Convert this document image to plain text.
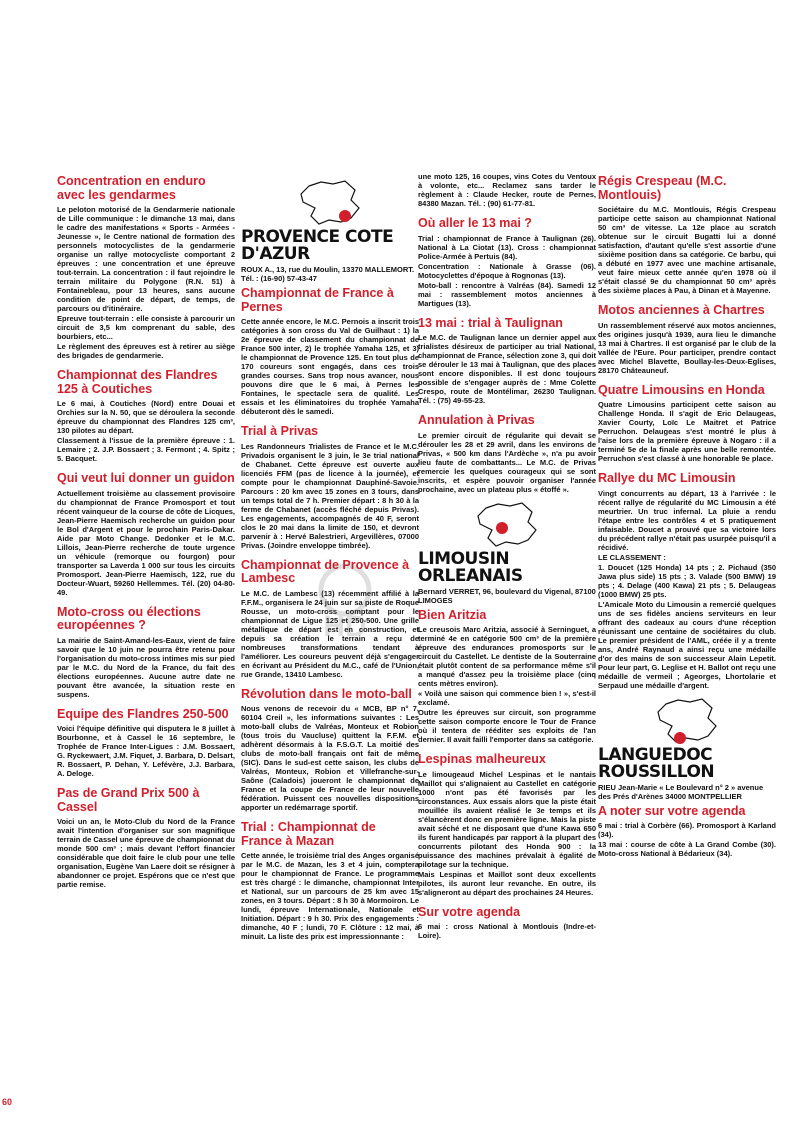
Concentration en enduro avec les gendarmes

Le peloton motorisé de la Gendarmerie nationale de Lille communique : le dimanche 13 mai, dans le cadre des manifestations « Sports - Armées - Jeunesse », le Centre national de formation des personnels motocyclistes de la gendarmerie organise un rallye motocycliste comportant 2 épreuves : une concentration et une épreuve tout-terrain. La concentration : il faut rejoindre le terrain militaire du Polygone (R.N. 51) à Fontainebleau, pour 13 heures, sans aucune condition de point de départ, de temps, de parcours ou d'itinéraire.

Epreuve tout-terrain : elle consiste à parcourir un circuit de 3,5 km comprenant du sable, des bourbiers, etc...

Le règlement des épreuves est à retirer au siège des brigades de gendarmerie.

Championnat des Flandres 125 à Coutiches

Le 6 mai, à Coutiches (Nord) entre Douai et Orchies sur la N. 50, que se déroulera la seconde épreuve du championnat des Flandres 125 cm³, 130 pilotes au départ.

Classement à l'issue de la première épreuve : 1. Lemaire ; 2. J.P. Bossaert ; 3. Fermont ; 4. Spitz ; 5. Bacquet.

Qui veut lui donner un guidon

Actuellement troisième au classement provisoire du championnat de France Promosport et tout récent vainqueur de la course de côte de Licques, Jean-Pierre Haemisch recherche un guidon pour le Bol d'Argent et pour le prochain Paris-Dakar. Aide par Moto Change. Dedonker et le M.C. Lillois, Jean-Pierre recherche de toute urgence un véhicule (remorque ou fourgon) pour transporter sa Laverda 1 000 sur tous les circuits Promosport. Jean-Pierre Haemisch, 122, rue du Docteur-Wuart, 59260 Hellemmes. Tél. (20) 04-80-49.

Moto-cross ou élections européennes ?

La mairie de Saint-Amand-les-Eaux, vient de faire savoir que le 10 juin ne pourra être retenu pour l'organisation du moto-cross intimes mis sur pied par le M.C. du Nord de la France, du fait des élections européennes. Aucune autre date ne pouvant être avancée, la situation reste en suspens.

Equipe des Flandres 250-500

Voici l'équipe définitive qui disputera le 8 juillet à Bourbonne, et à Cassel le 16 septembre, le Trophée de France Inter-Ligues : J.M. Bossaert, G. Ryckewaert, J.M. Fiquet, J. Barbara, D. Delsart, R. Bossaert, P. Dehan, Y. Lefévère, J.J. Barbara, A. Deloge.

Pas de Grand Prix 500 à Cassel

Voici un an, le Moto-Club du Nord de la France avait l'intention d'organiser sur son magnifique terrain de Cassel une épreuve de championnat du monde 500 cm³ ; mais devant l'effort financier considérable que doit faire le club pour une telle organisation, Eugène Van Laere doit se résigner à abandonner ce projet. Espérons que ce n'est que partie remise.

PROVENCE COTE D'AZUR
ROUX A., 13, rue du Moulin, 13370 MALLEMORT. Tél. : (16-90) 57-43-47
Championnat de France à Pernes

Cette année encore, le M.C. Pernois a inscrit trois catégories à son cross du Val de Guilhaut : 1) la 2e épreuve de classement du championnat de France 500 inter, 2) le trophée Yamaha 125, et 3) le championnat de Provence 125. En tout plus de 170 coureurs sont engagés, dans ces trois grandes courses. Sans trop nous avancer, nous pouvons dire que le 6 mai, à Pernes les Fontaines, le spectacle sera de qualité. Les essais et les éliminatoires du trophée Yamaha débuteront dès le samedi.

Trial à Privas

Les Randonneurs Trialistes de France et le M.C. Privadois organisent le 3 juin, le 3e trial national de Chabanet. Cette épreuve est ouverte aux licenciés FFM (pas de licence à la journée), et compte pour le championnat Dauphiné-Savoie. Parcours : 20 km avec 15 zones en 3 tours, dans un temps total de 7 h. Premier départ : 8 h 30 à la ferme de Chabanet (accès fléché depuis Privas). Les engagements, accompagnés de 40 F, seront clos le 20 mai dans la limite de 150, et devront parvenir à : Hervé Balestrieri, Argevillères, 07000 Privas. (Joindre enveloppe timbrée).

Championnat de Provence à Lambesc

Le M.C. de Lambesc (13) récemment affilié à la F.F.M., organisera le 24 juin sur sa piste de Roque Rousse, un moto-cross comptant pour le championnat de Ligue 125 et 250-500. Une grille métallique de départ est en construction, et depuis sa création le terrain a reçu de nombreuses transformations tendant à l'améliorer. Les coureurs peuvent déjà s'engager en écrivant au Président du M.C., café de l'Union, rue Grande, 13410 Lambesc.

Révolution dans le moto-ball

Nous venons de recevoir du « MCB, BP n° 7, 60104 Creil », les informations suivantes : Les moto-ball clubs de Valréas, Monteux et Robion (tous trois du Vaucluse) quittent la F.F.M. et adhèrent désormais à la F.S.G.T. La moitié des clubs de moto-ball français ont fait de même (SIC). Dans le sud-est cette saison, les clubs de Valréas, Monteux, Robion et Villefranche-sur-Saône (Caladois) joueront le championnat de France et la coupe de France de leur nouvelle fédération. Puissent ces nouvelles dispositions apporter un redémarrage sportif.

Trial : Championnat de France à Mazan

Cette année, le troisième trial des Anges organisé par le M.C. de Mazan, les 3 et 4 juin, comptera pour le championnat de France. Le programme est très chargé : le dimanche, championnat Inter et National, sur un parcours de 25 km avec 15 zones, en 3 tours. Départ : 8 h 30 à Mormoiron. Le lundi, épreuve Internationale, Nationale et Initiation. Départ : 9 h 30. Prix des engagements : dimanche, 40 F ; lundi, 70 F. Clôture : 12 mai, à minuit. La liste des prix est impressionnante :

une moto 125, 16 coupes, vins Cotes du Ventoux à volonte, etc... Reclamez sans tarder le règlement à : Claude Hecker, route de Pernes, 84380 Mazan. Tél. : (90) 61-77-81.

Où aller le 13 mai ?

Trial : championnat de France à Taulignan (26). National à La Ciotat (13). Cross : championnat Police-Armée à Pertuis (84).

Concentration : Nationale à Grasse (06). Motocyclettes d'époque à Rognonas (13).

Moto-ball : rencontre à Valréas (84). Samedi 12 mai : rassemblement motos anciennes à Martigues (13).

13 mai : trial à Taulignan

Le M.C. de Taulignan lance un dernier appel aux trialistes désireux de participer au trial National, championnat de France, sélection zone 3, qui doit se dérouler le 13 mai à Taulignan, que des places sont encore disponibles. Il est donc toujours possible de s'engager auprès de : Mme Colette Crespo, route de Montélimar, 26230 Taulignan. Tél. : (75) 49-55-23.

Annulation à Privas

Le premier circuit de régularite qui devait se dérouler les 28 et 29 avril, dans les environs de Privas, « 500 km dans l'Ardèche », n'a pu avoir lieu faute de combattants... Le M.C. de Privas remercie les quelques courageux qui se sont inscrits, et espère pouvoir organiser l'année prochaine, avec un plateau plus « étoffé ».

LIMOUSIN ORLEANAIS
Bernard VERRET, 96, boulevard du Vigenal, 87100 LIMOGES
Bien Aritzia

Le creusois Marc Aritzia, associé à Serninguet, a terminé 4e en catégorie 500 cm³ de la première épreuve des endurances promosports sur le circuit du Castellet. Le dentiste de la Souterraine était plutôt content de sa performance même s'il a manqué d'assez peu la troisième place (cinq cents mètres environ).

« Voilà une saison qui commence bien ! », s'est-il exclamé.

Outre les épreuves sur circuit, son programme cette saison comporte encore le Tour de France où il tentera de rééditer ses exploits de l'an dernier. Il avait failli l'emporter dans sa catégorie.

Lespinas malheureux

Le limougeaud Michel Lespinas et le nantais Maillot qui s'alignaient au Castellet en catégorie 1000 n'ont pas été favorisés par les circonstances. Aux essais alors que la piste était mouillée ils avaient réalisé le 3e temps et ils s'élancèrent donc en première ligne. Mais la piste avait séché et ne disposant que d'une Kawa 650 ils furent handicapés par rapport à la plupart des concurrents pilotant des Honda 900 : la puissance des machines prévalait à égalité de pilotage sur la technique.

Mais Lespinas et Maillot sont deux excellents pilotes, ils auront leur revanche. En outre, ils s'aligneront au départ des prochaines 24 Heures.

Sur votre agenda

6 mai : cross National à Montlouis (Indre-et-Loire).

Régis Crespeau (M.C. Montlouis)

Sociétaire du M.C. Montlouis, Régis Crespeau participe cette saison au championnat National 50 cm³ de vitesse. La 12e place au scratch obtenue sur le circuit Bugatti lui a donné satisfaction, d'autant qu'elle s'est assortie d'une sixième position dans sa catégorie. Ce barbu, qui a débuté en 1977 avec une machine artisanale, veut faire mieux cette année qu'en 1978 où il s'était classé 9e du championnat 50 cm³ après des sixième places à Pau, à Dinan et à Mayenne.

Motos anciennes à Chartres

Un rassemblement réservé aux motos anciennes, des origines jusqu'à 1939, aura lieu le dimanche 13 mai à Chartres. Il est organisé par le club de la vallée de l'Eure. Pour participer, prendre contact avec Michel Blavette, Boullay-les-Deux-Eglises, 28170 Châteauneuf.

Quatre Limousins en Honda

Quatre Limousins participent cette saison au Challenge Honda. Il s'agit de Eric Delaugeas, Xavier Courty, Loïc Le Maitret et Patrice Perruchon. Delaugeas s'est montré le plus à l'aise lors de la première épreuve à Nogaro : il a terminé 5e de la finale après une belle remontée. Perruchon s'est classé à une honorable 9e place.

Rallye du MC Limousin

Vingt concurrents au départ, 13 à l'arrivée : le récent rallye de régularité du MC Limousin a été meurtrier. Un truc infernal. La pluie a rendu l'étape entre les contrôles 4 et 5 pratiquement infaisable. Doucet a prouvé que sa victoire lors du précédent rallye n'était pas usurpée puisqu'il a récidivé.

LE CLASSEMENT :

1. Doucet (125 Honda) 14 pts ; 2. Pichaud (350 Jawa plus side) 15 pts ; 3. Valade (500 BMW) 19 pts ; 4. Delage (400 Kawa) 21 pts ; 5. Delaugeas (1000 BMW) 25 pts.

L'Amicale Moto du Limousin a remercié quelques uns de ses fidèles anciens serviteurs en leur offrant des cadeaux au cours d'une réception réunissant une centaine de sociétaires du club. Le premier président de l'AML, créée il y a trente ans, André Raynaud a ainsi reçu une médaille d'or des mains de son successeur Alain Lepetit. Pour leur part, G. Leglise et H. Ballot ont reçu une médaille de vermeil ; Ageorges, Lhortolarie et Serpaud une médaille d'argent.

LANGUEDOC ROUSSILLON
RIEU Jean-Marie « Le Boulevard n° 2 » avenue des Prés d'Arènes 34000 MONTPELLIER
A noter sur votre agenda

6 mai : trial à Corbère (66). Promosport à Karland (34).

13 mai : course de côte à La Grand Combe (30). Moto-cross National à Bédarieux (34).

HD
60
